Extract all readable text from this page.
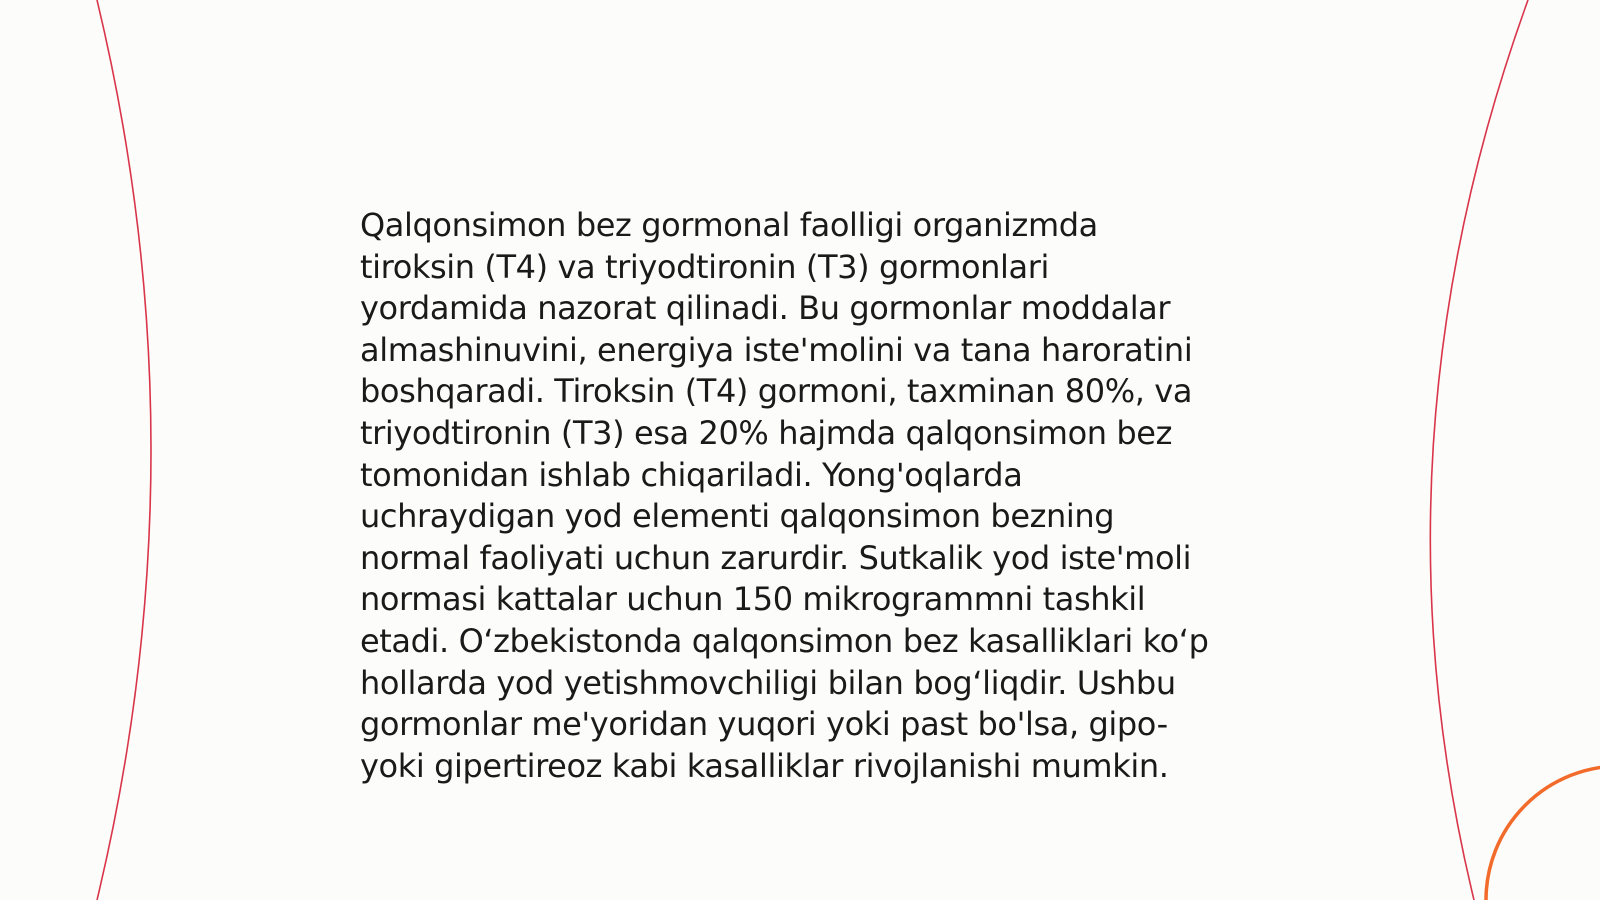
Qalqonsimon bez gormonal faolligi organizmda
tiroksin (T4) va triyodtironin (T3) gormonlari
yordamida nazorat qilinadi. Bu gormonlar moddalar
almashinuvini, energiya iste'molini va tana haroratini
boshqaradi. Tiroksin (T4) gormoni, taxminan 80%, va
triyodtironin (T3) esa 20% hajmda qalqonsimon bez
tomonidan ishlab chiqariladi. Yong'oqlarda
uchraydigan yod elementi qalqonsimon bezning
normal faoliyati uchun zarurdir. Sutkalik yod iste'moli
normasi kattalar uchun 150 mikrogrammni tashkil
etadi. O‘zbekistonda qalqonsimon bez kasalliklari ko‘p
hollarda yod yetishmovchiligi bilan bog‘liqdir. Ushbu
gormonlar me'yoridan yuqori yoki past bo'lsa, gipo-
yoki gipertireoz kabi kasalliklar rivojlanishi mumkin.
